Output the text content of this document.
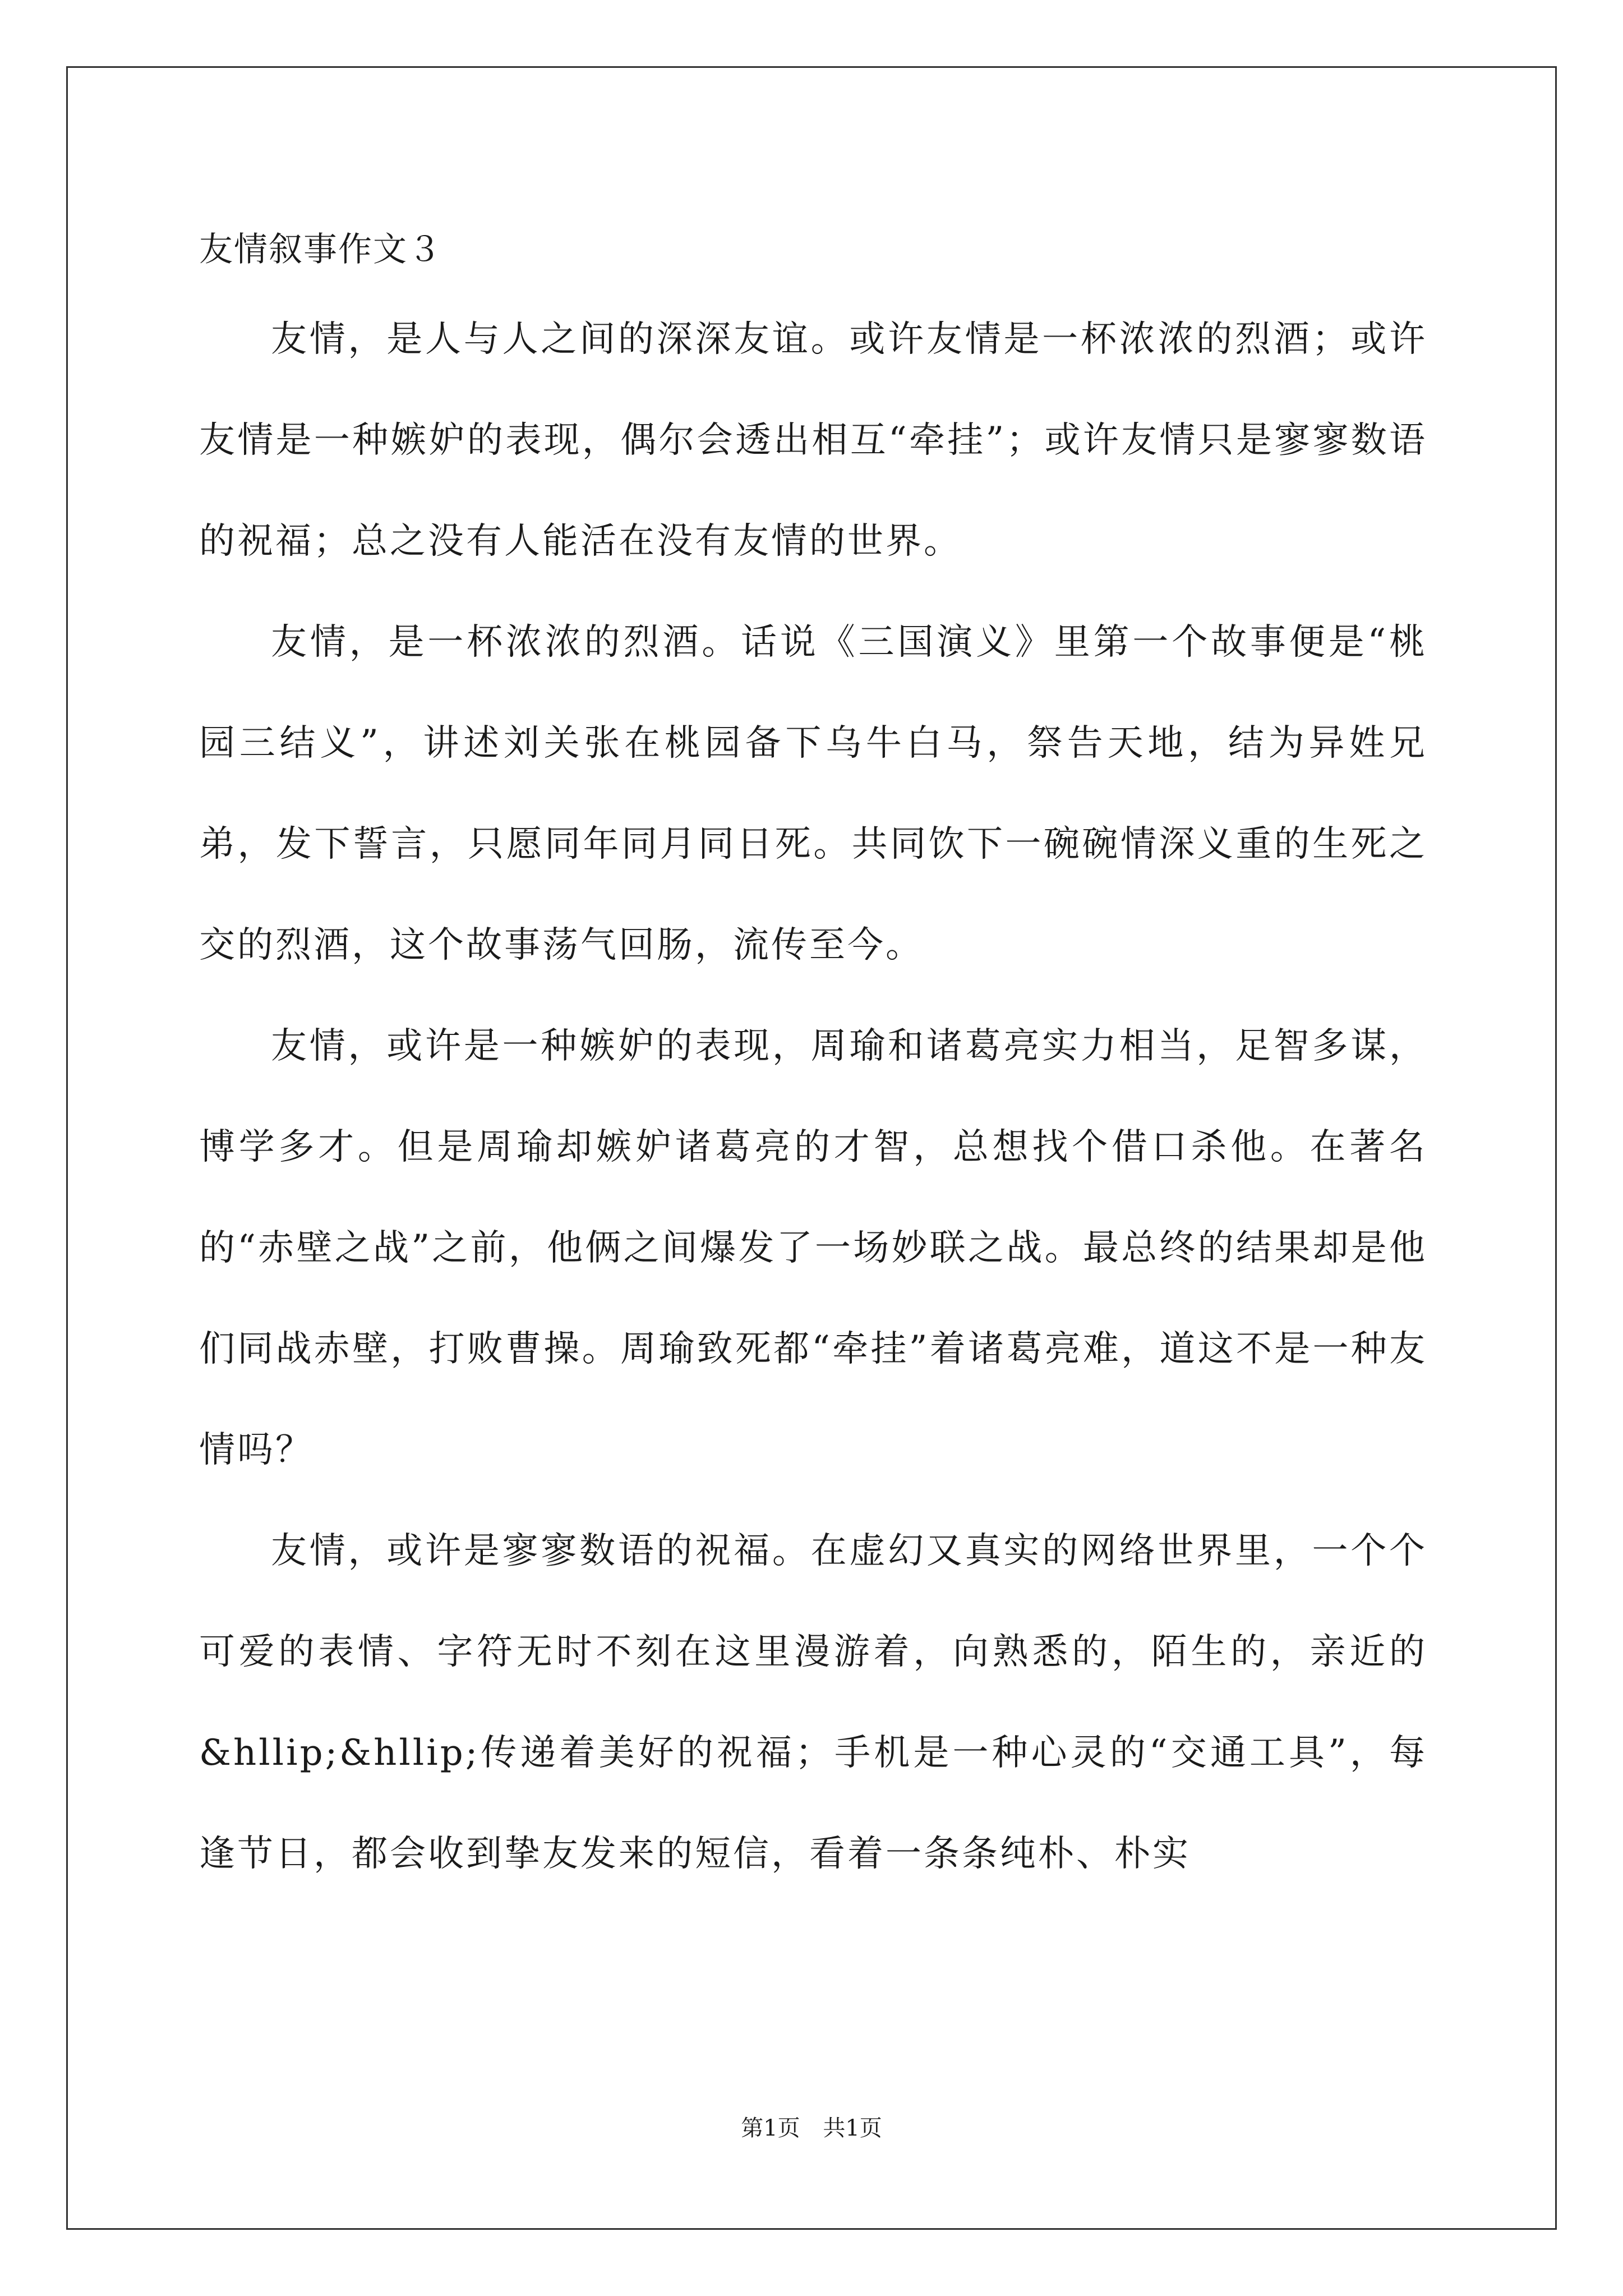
友情叙事作文３

友情，是人与人之间的深深友谊。或许友情是一杯浓浓的烈酒；或许友情是一种嫉妒的表现，偶尔会透出相互“牵挂”；或许友情只是寥寥数语的祝福；总之没有人能活在没有友情的世界。

友情，是一杯浓浓的烈酒。话说《三国演义》里第一个故事便是“桃园三结义”，讲述刘关张在桃园备下乌牛白马，祭告天地，结为异姓兄弟，发下誓言，只愿同年同月同日死。共同饮下一碗碗情深义重的生死之交的烈酒，这个故事荡气回肠，流传至今。

友情，或许是一种嫉妒的表现，周瑜和诸葛亮实力相当，足智多谋，博学多才。但是周瑜却嫉妒诸葛亮的才智，总想找个借口杀他。在著名的“赤壁之战”之前，他俩之间爆发了一场妙联之战。最总终的结果却是他们同战赤壁，打败曹操。周瑜致死都“牵挂”着诸葛亮难，道这不是一种友情吗？

友情，或许是寥寥数语的祝福。在虚幻又真实的网络世界里，一个个可爱的表情、字符无时不刻在这里漫游着，向熟悉的，陌生的，亲近的&hllip;&hllip;传递着美好的祝福；手机是一种心灵的“交通工具”，每逢节日，都会收到挚友发来的短信，看着一条条纯朴、朴实

第1页 共1页
